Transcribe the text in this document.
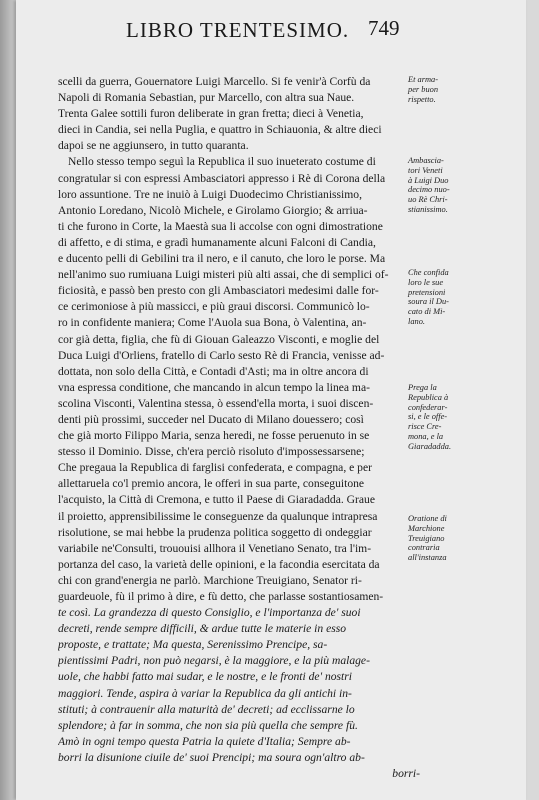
LIBRO TRENTESIMO. 749
scelli da guerra, Gouernatore Luigi Marcello. Si fe venir'à Corfù da
Napoli di Romania Sebastian, pur Marcello, con altra sua Naue.
Trenta Galee sottili furon deliberate in gran fretta; dieci à Venetia,
dieci in Candia, sei nella Puglia, e quattro in Schiauonia, & altre dieci
dapoi se ne aggiunsero, in tutto quaranta.
Nello stesso tempo seguì la Republica il suo inueterato costume di
congratular si con espressi Ambasciatori appresso i Rè di Corona della
loro assuntione. Tre ne inuiò à Luigi Duodecimo Christianissimo,
Antonio Loredano, Nicolò Michele, e Girolamo Giorgio; & arriua-
ti che furono in Corte, la Maestà sua li accolse con ogni dimostratione
di affetto, e di stima, e gradì humanamente alcuni Falconi di Candia,
e ducento pelli di Gebilini tra il nero, e il canuto, che loro le porse. Ma
nell'animo suo rumiuana Luigi misteri più alti assai, che di semplici of-
ficiosità, e passò ben presto con gli Ambasciatori medesimi dalle for-
ce cerimoniose à più massicci, e più graui discorsi. Communicò lo-
ro in confidente maniera; Come l'Auola sua Bona, ò Valentina, an-
cor già detta, figlia, che fù di Giouan Galeazzo Visconti, e moglie del
Duca Luigi d'Orliens, fratello di Carlo sesto Rè di Francia, venisse ad-
dottata, non solo della Città, e Contadi d'Asti; ma in oltre ancora di
vna espressa conditione, che mancando in alcun tempo la linea ma-
scolina Visconti, Valentina stessa, ò essend'ella morta, i suoi discen-
denti più prossimi, succeder nel Ducato di Milano douessero; così
che già morto Filippo Maria, senza heredi, ne fosse peruenuto in se
stesso il Dominio. Disse, ch'era perciò risoluto d'impossessarsene;
Che pregaua la Republica di farglisi confederata, e compagna, e per
allettaruela co'l premio ancora, le offeri in sua parte, conseguitone
l'acquisto, la Città di Cremona, e tutto il Paese di Giaradadda. Graue
il proietto, apprensibilissime le conseguenze da qualunque intrapresa
risolutione, se mai hebbe la prudenza politica soggetto di ondeggiar
variabile ne'Consulti, trououisi allhora il Venetiano Senato, tra l'im-
portanza del caso, la varietà delle opinioni, e la facondia esercitata da
chi con grand'energia ne parlò. Marchione Treuigiano, Senator ri-
guardeuole, fù il primo à dire, e fù detto, che parlasse sostantiosamen-
te così. La grandezza di questo Consiglio, e l'importanza de' suoi
decreti, rende sempre difficili, & ardue tutte le materie in esso
proposte, e trattate; Ma questa, Serenissimo Prencipe, sa-
pientissimi Padri, non può negarsi, è la maggiore, e la più malage-
uole, che habbi fatto mai sudar, e le nostre, e le fronti de' nostri
maggiori. Tende, aspira à variar la Republica da gli antichi in-
stituti; à contrauenir alla maturità de' decreti; ad ecclissarne lo
splendore; à far in somma, che non sia più quella che sempre fù.
Amò in ogni tempo questa Patria la quiete d'Italia; Sempre ab-
borri la disunione ciuile de' suoi Prencipi; ma soura ogn'altro ab-
borri-
Et arma-
per buon
rispetto.
Ambascia-
tori Veneti
à Luigi Duo
decimo nuo-
uo Rè Chri-
stianissimo.
Che confida
loro le sue
pretensioni
soura il Du-
cato di Mi-
lano.
Prega la
Republica à
confederar-
si, e le offe-
risce Cre-
mona, e la
Giaradadda.
Oratione di
Marchione
Treuigiano
contraria
all'instanza
